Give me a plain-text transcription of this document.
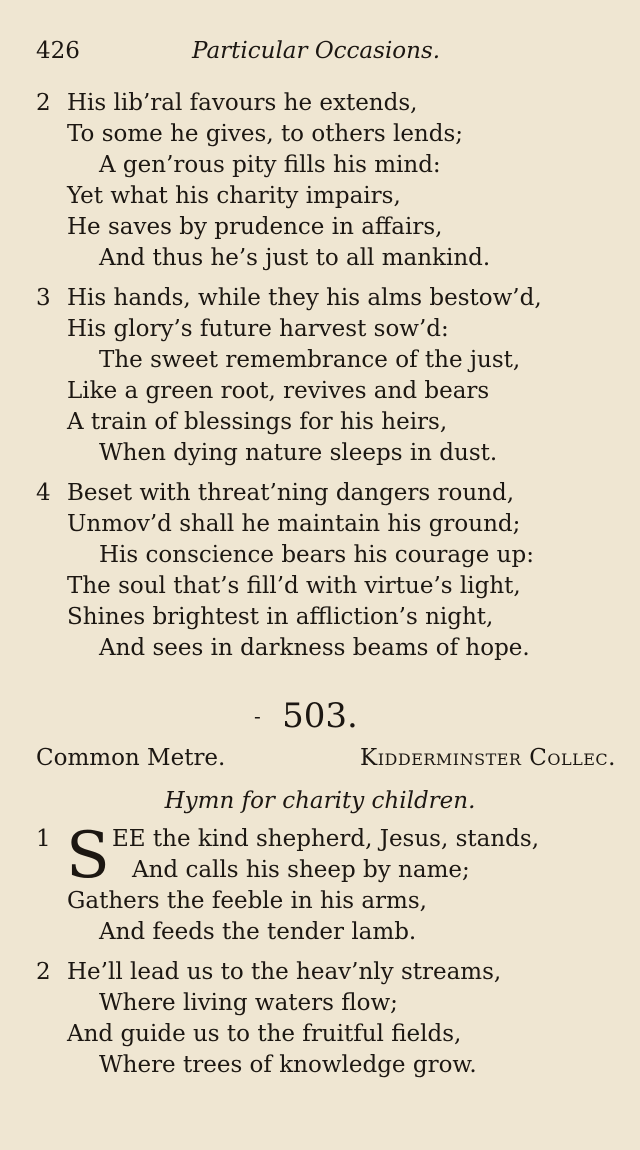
426	Particular Occasions.
2 His lib’ral favours he extends,
To some he gives, to others lends;
A gen’rous pity fills his mind:
Yet what his charity impairs,
He saves by prudence in affairs,
And thus he’s just to all mankind.
3 His hands, while they his alms bestow’d,
His glory’s future harvest sow’d:
The sweet remembrance of the just,
Like a green root, revives and bears
A train of blessings for his heirs,
When dying nature sleeps in dust.
4 Beset with threat’ning dangers round,
Unmov’d shall he maintain his ground;
His conscience bears his courage up:
The soul that’s fill’d with virtue’s light,
Shines brightest in affliction’s night,
And sees in darkness beams of hope.
- 503.
Common Metre.	Kidderminster Collec.
Hymn for charity children.
1 S EE the kind shepherd, Jesus, stands,
And calls his sheep by name;
Gathers the feeble in his arms,
And feeds the tender lamb.
2 He’ll lead us to the heav’nly streams,
Where living waters flow;
And guide us to the fruitful fields,
Where trees of knowledge grow.
